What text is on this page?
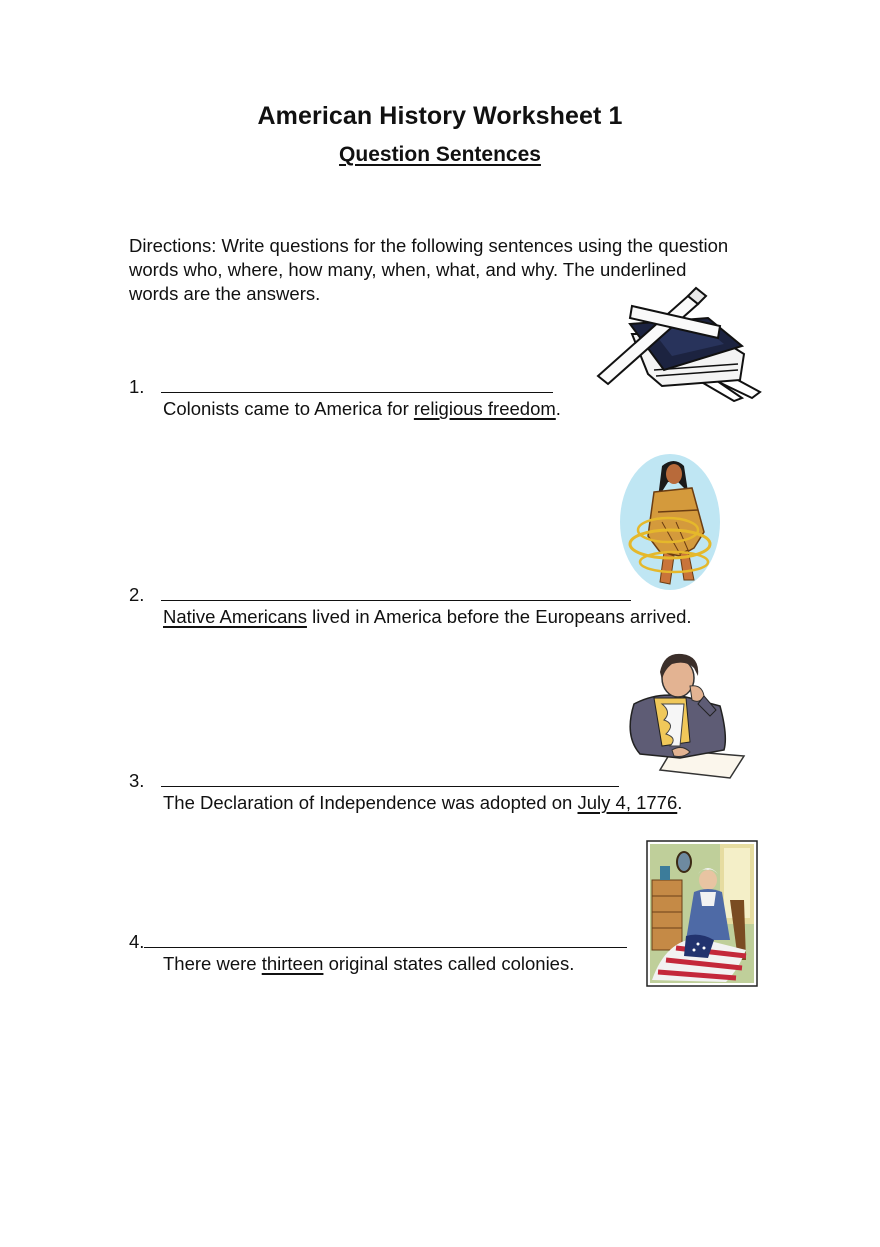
American History Worksheet 1
Question Sentences
Directions: Write questions for the following sentences using the question words who, where, how many, when, what, and why. The underlined words are the answers.
1.
Colonists came to America for religious freedom.
2.
Native Americans lived in America before the Europeans arrived.
3.
The Declaration of Independence was adopted on July 4, 1776.
4.
There were thirteen original states called colonies.
